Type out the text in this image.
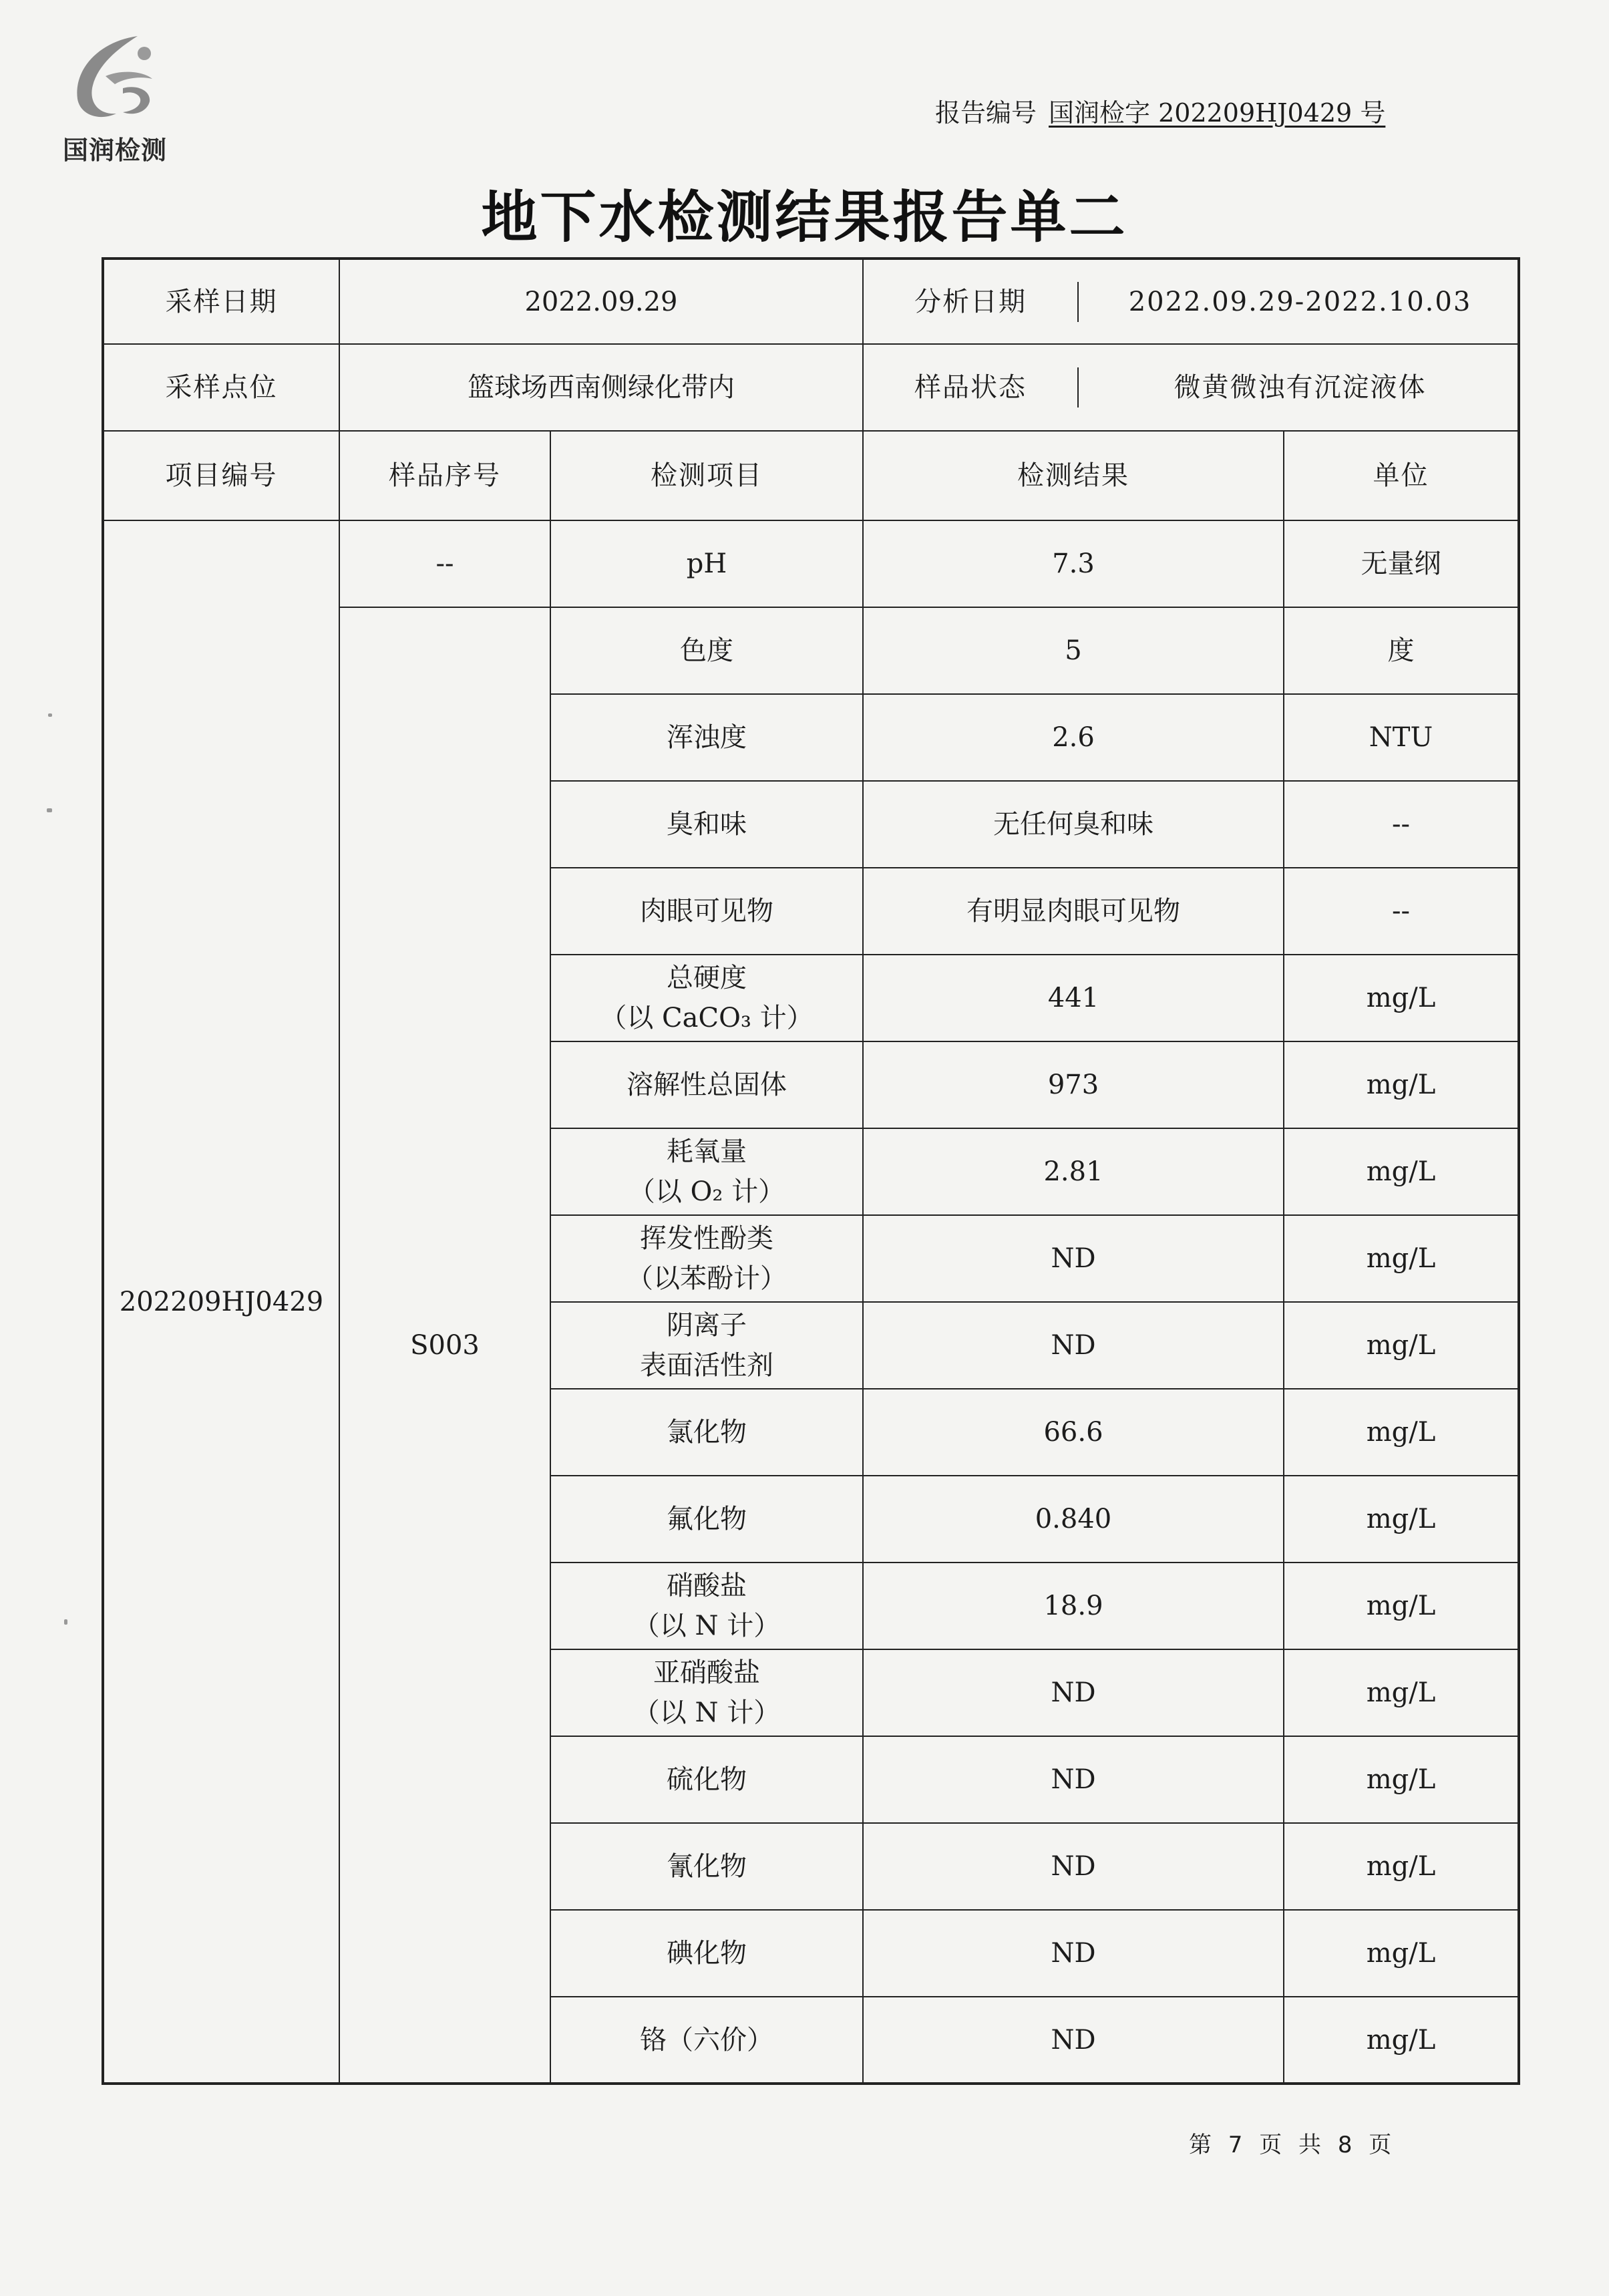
国润检测
报告编号 国润检字 202209HJ0429 号
地下水检测结果报告单二
采样日期	2022.09.29		分析日期 2022.09.29-2022.10.03	

采样点位	篮球场西南侧绿化带内		样品状态 微黄微浊有沉淀液体	

项目编号	样品序号	检测项目	检测结果	单位
202209HJ0429	--	pH	7.3	无量纲
	S003	色度	5	度

		浑浊度	2.6	NTU

		臭和味	无任何臭和味	--

		肉眼可见物	有明显肉眼可见物	--

		总硬度
（以 CaCO₃ 计）	441	mg/L

		溶解性总固体	973	mg/L

		耗氧量
（以 O₂ 计）	2.81	mg/L

		挥发性酚类
（以苯酚计）	ND	mg/L

		阴离子
表面活性剂	ND	mg/L

		氯化物	66.6	mg/L

		氟化物	0.840	mg/L

		硝酸盐
（以 N 计）	18.9	mg/L

		亚硝酸盐
（以 N 计）	ND	mg/L

		硫化物	ND	mg/L

		氰化物	ND	mg/L

		碘化物	ND	mg/L

		铬（六价）	ND	mg/L
第 7 页 共 8 页
